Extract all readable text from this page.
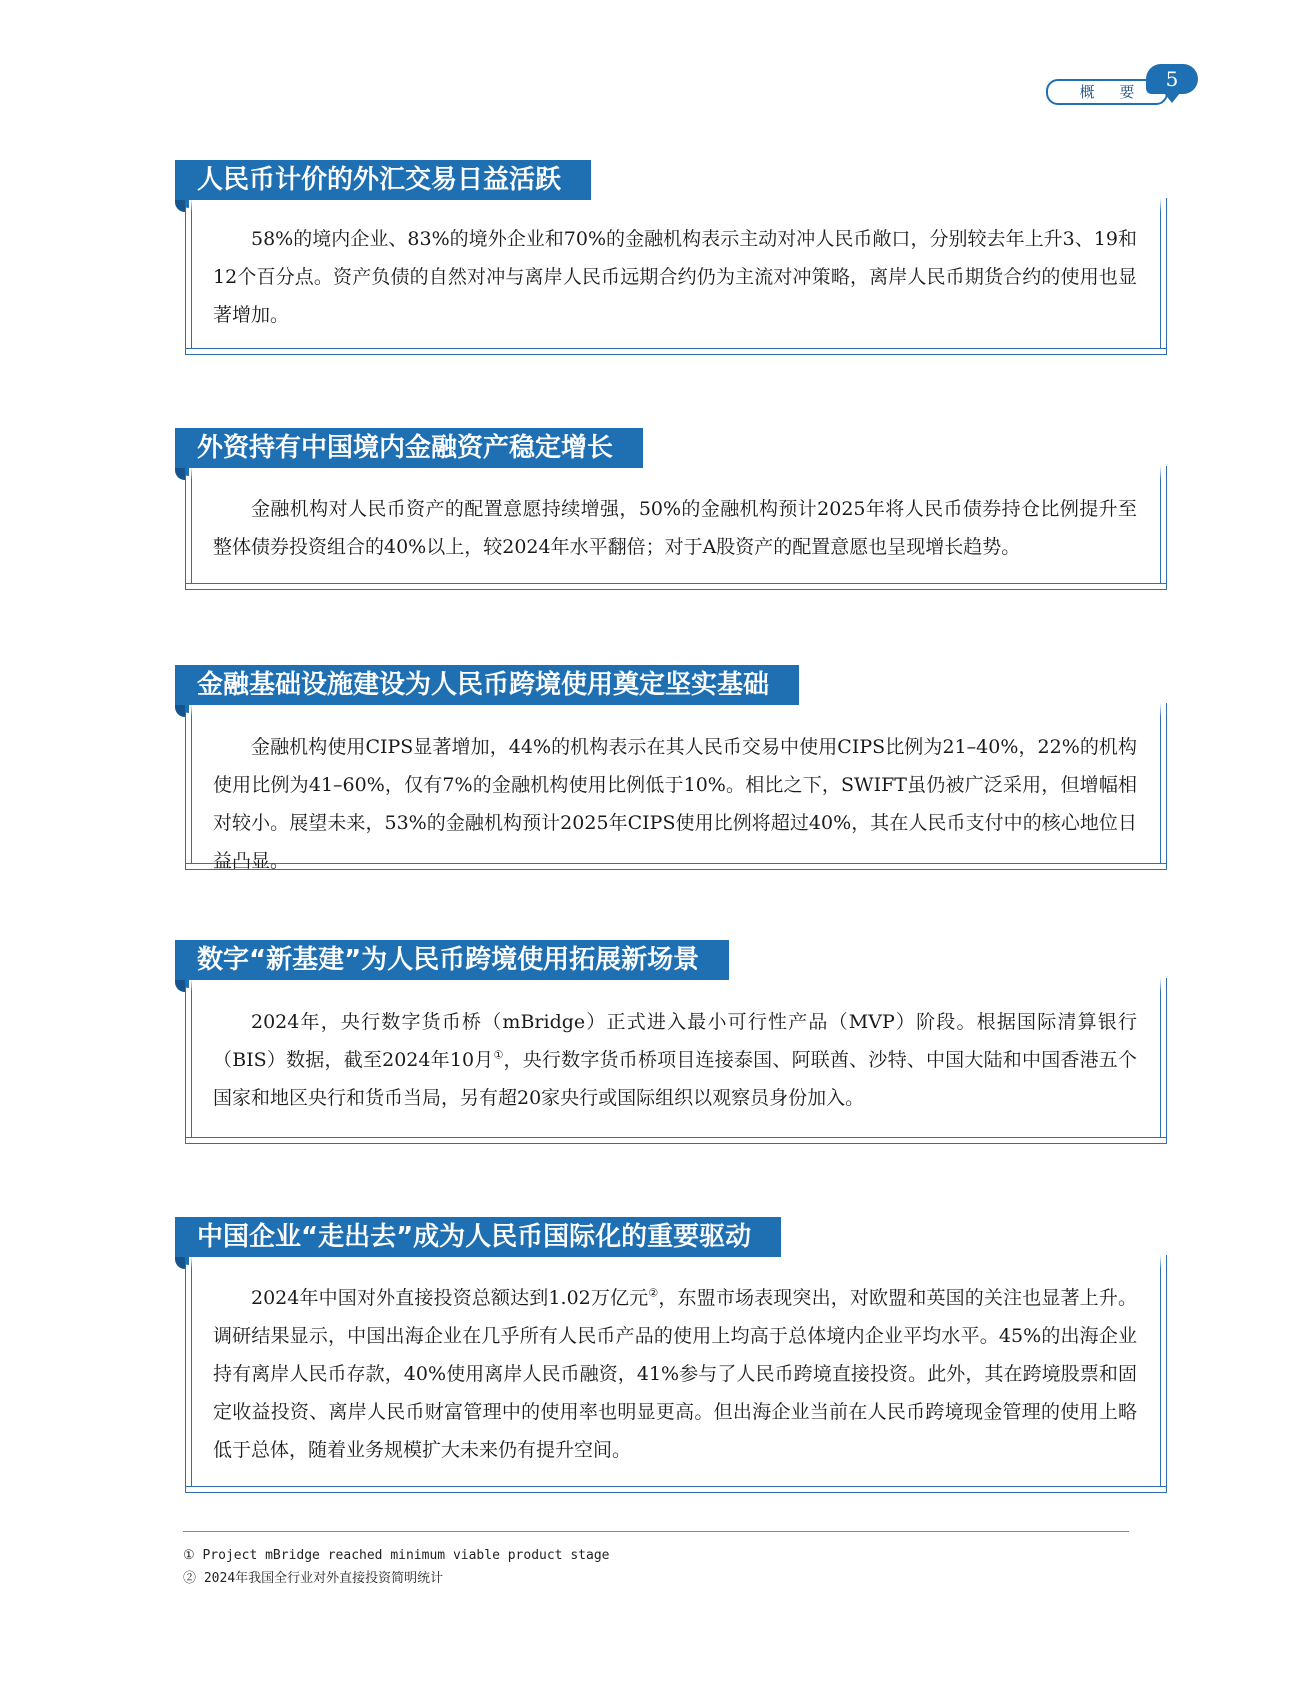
概 要
5
人民币计价的外汇交易日益活跃

58%的境内企业、83%的境外企业和70%的金融机构表示主动对冲人民币敞口，分别较去年上升3、19和12个百分点。资产负债的自然对冲与离岸人民币远期合约仍为主流对冲策略，离岸人民币期货合约的使用也显著增加。

外资持有中国境内金融资产稳定增长

金融机构对人民币资产的配置意愿持续增强，50%的金融机构预计2025年将人民币债券持仓比例提升至整体债券投资组合的40%以上，较2024年水平翻倍；对于A股资产的配置意愿也呈现增长趋势。

金融基础设施建设为人民币跨境使用奠定坚实基础

金融机构使用CIPS显著增加，44%的机构表示在其人民币交易中使用CIPS比例为21–40%，22%的机构使用比例为41–60%，仅有7%的金融机构使用比例低于10%。相比之下，SWIFT虽仍被广泛采用，但增幅相对较小。展望未来，53%的金融机构预计2025年CIPS使用比例将超过40%，其在人民币支付中的核心地位日益凸显。

数字“新基建”为人民币跨境使用拓展新场景

2024年，央行数字货币桥（mBridge）正式进入最小可行性产品（MVP）阶段。根据国际清算银行（BIS）数据，截至2024年10月①，央行数字货币桥项目连接泰国、阿联酋、沙特、中国大陆和中国香港五个国家和地区央行和货币当局，另有超20家央行或国际组织以观察员身份加入。

中国企业“走出去”成为人民币国际化的重要驱动

2024年中国对外直接投资总额达到1.02万亿元②，东盟市场表现突出，对欧盟和英国的关注也显著上升。调研结果显示，中国出海企业在几乎所有人民币产品的使用上均高于总体境内企业平均水平。45%的出海企业持有离岸人民币存款，40%使用离岸人民币融资，41%参与了人民币跨境直接投资。此外，其在跨境股票和固定收益投资、离岸人民币财富管理中的使用率也明显更高。但出海企业当前在人民币跨境现金管理的使用上略低于总体，随着业务规模扩大未来仍有提升空间。

① Project mBridge reached minimum viable product stage
② 2024年我国全行业对外直接投资简明统计
